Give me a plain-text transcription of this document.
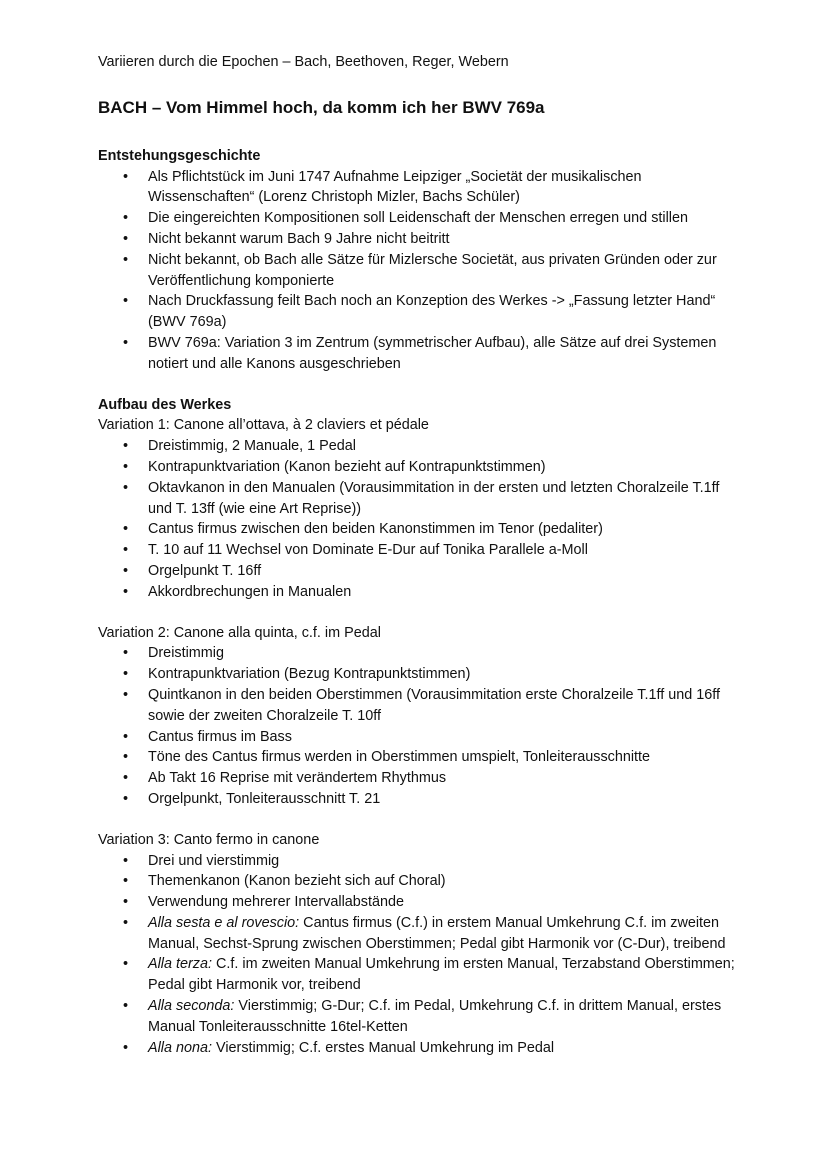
Variieren durch die Epochen – Bach, Beethoven, Reger, Webern
BACH – Vom Himmel hoch, da komm ich her BWV 769a
Entstehungsgeschichte
• Als Pflichtstück im Juni 1747 Aufnahme Leipziger „Societät der musikalischen Wissenschaften“ (Lorenz Christoph Mizler, Bachs Schüler)
• Die eingereichten Kompositionen soll Leidenschaft der Menschen erregen und stillen
• Nicht bekannt warum Bach 9 Jahre nicht beitritt
• Nicht bekannt, ob Bach alle Sätze für Mizlersche Societät, aus privaten Gründen oder zur Veröffentlichung komponierte
• Nach Druckfassung feilt Bach noch an Konzeption des Werkes -> „Fassung letzter Hand“ (BWV 769a)
• BWV 769a: Variation 3 im Zentrum (symmetrischer Aufbau), alle Sätze auf drei Systemen notiert und alle Kanons ausgeschrieben
Aufbau des Werkes
Variation 1: Canone all’ottava, à 2 claviers et pédale
• Dreistimmig, 2 Manuale, 1 Pedal
• Kontrapunktvariation (Kanon bezieht auf Kontrapunktstimmen)
• Oktavkanon in den Manualen (Vorausimmitation in der ersten und letzten Choralzeile T.1ff und T. 13ff (wie eine Art Reprise))
• Cantus firmus zwischen den beiden Kanonstimmen im Tenor (pedaliter)
• T. 10 auf 11 Wechsel von Dominate E-Dur auf Tonika Parallele a-Moll
• Orgelpunkt T. 16ff
• Akkordbrechungen in Manualen
Variation 2: Canone alla quinta, c.f. im Pedal
• Dreistimmig
• Kontrapunktvariation (Bezug Kontrapunktstimmen)
• Quintkanon in den beiden Oberstimmen (Vorausimmitation erste Choralzeile T.1ff und 16ff sowie der zweiten Choralzeile T. 10ff
• Cantus firmus im Bass
• Töne des Cantus firmus werden in Oberstimmen umspielt, Tonleiterausschnitte
• Ab Takt 16 Reprise mit verändertem Rhythmus
• Orgelpunkt, Tonleiterausschnitt T. 21
Variation 3: Canto fermo in canone
• Drei und vierstimmig
• Themenkanon (Kanon bezieht sich auf Choral)
• Verwendung mehrerer Intervallabstände
• Alla sesta e al rovescio: Cantus firmus (C.f.) in erstem Manual Umkehrung C.f. im zweiten Manual, Sechst-Sprung zwischen Oberstimmen; Pedal gibt Harmonik vor (C-Dur), treibend
• Alla terza: C.f. im zweiten Manual Umkehrung im ersten Manual, Terzabstand Oberstimmen; Pedal gibt Harmonik vor, treibend
• Alla seconda: Vierstimmig; G-Dur; C.f. im Pedal, Umkehrung C.f. in drittem Manual, erstes Manual Tonleiterausschnitte 16tel-Ketten
• Alla nona: Vierstimmig; C.f. erstes Manual Umkehrung im Pedal
